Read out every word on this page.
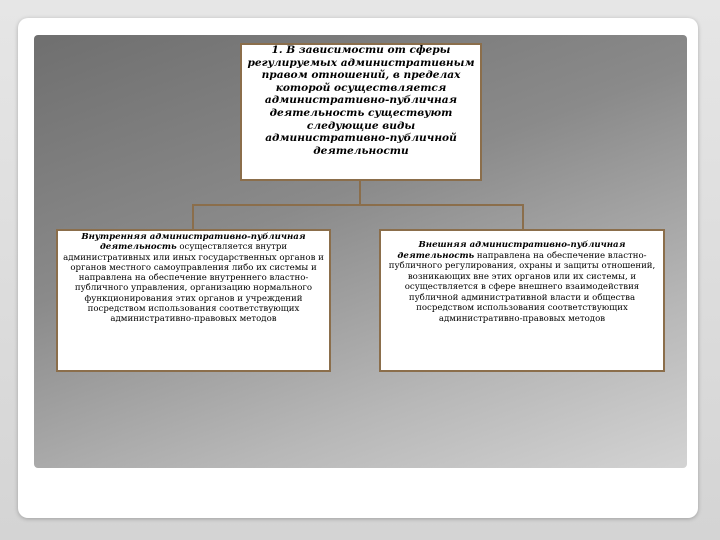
1. В зависимости от сферы регулируемых административным правом отношений, в пределах которой осуществляется административно-публичная деятельность существуют следующие виды административно-публичной деятельности
Внутренняя административно-публичная деятельность осуществляется внутри административных или иных государственных органов и органов местного самоуправления либо их системы и направлена на обеспечение внутреннего властно-публичного управления, организацию нормального функционирования этих органов и учреждений посредством использования соответствующих административно-правовых методов
Внешняя административно-публичная деятельность направлена на обеспечение властно-публичного регулирования, охраны и защиты отношений, возникающих вне этих органов или их системы, и осуществляется в сфере внешнего взаимодействия публичной административной власти и общества посредством использования соответствующих административно-правовых методов
